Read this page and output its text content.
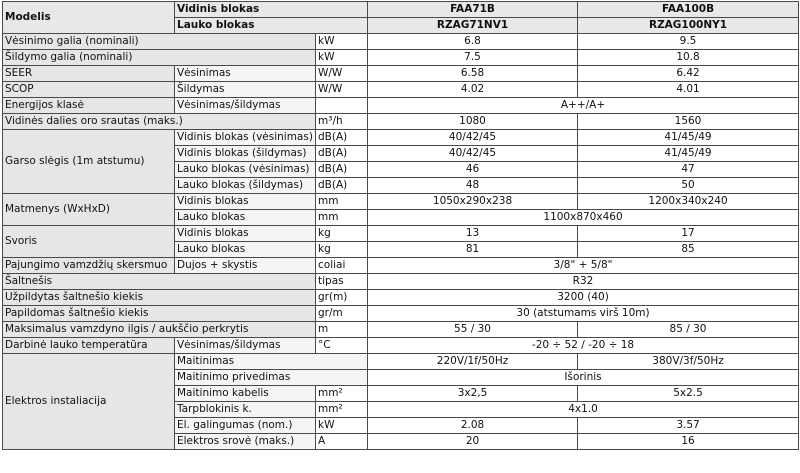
Modelis	Vidinis blokas		FAA71B	FAA100B
	Lauko blokas		RZAG71NV1	RZAG100NY1
Vėsinimo galia (nominali)		kW	6.8	9.5
Šildymo galia (nominali)		kW	7.5	10.8
SEER	Vėsinimas	W/W	6.58	6.42
SCOP	Šildymas	W/W	4.02	4.01
Energijos klasė	Vėsinimas/šildymas		A++/A+	
Vidinės dalies oro srautas (maks.)		m³/h	1080	1560
Garso slėgis (1m atstumu)	Vidinis blokas (vėsinimas)	dB(A)	40/42/45	41/45/49
	Vidinis blokas (šildymas)	dB(A)	40/42/45	41/45/49
	Lauko blokas (vėsinimas)	dB(A)	46	47
	Lauko blokas (šildymas)	dB(A)	48	50
Matmenys (WxHxD)	Vidinis blokas	mm	1050x290x238	1200x340x240
	Lauko blokas	mm	1100x870x460	
Svoris	Vidinis blokas	kg	13	17
	Lauko blokas	kg	81	85
Pajungimo vamzdžių skersmuo	Dujos + skystis	coliai	3/8" + 5/8"	
Šaltnešis		tipas	R32	
Užpildytas šaltnešio kiekis		gr(m)	3200 (40)	
Papildomas šaltnešio kiekis		gr/m	30 (atstumams virš 10m)	
Maksimalus vamzdyno ilgis / aukščio perkrytis		m	55 / 30	85 / 30
Darbinė lauko temperatūra	Vėsinimas/šildymas	°C	-20 ÷ 52 / -20 ÷ 18	
Elektros instaliacija	Maitinimas		220V/1f/50Hz	380V/3f/50Hz
	Maitinimo privedimas		Išorinis	
	Maitinimo kabelis	mm²	3x2,5	5x2.5
	Tarpblokinis k.	mm²	4x1.0	
	El. galingumas (nom.)	kW	2.08	3.57
	Elektros srovė (maks.)	A	20	16
